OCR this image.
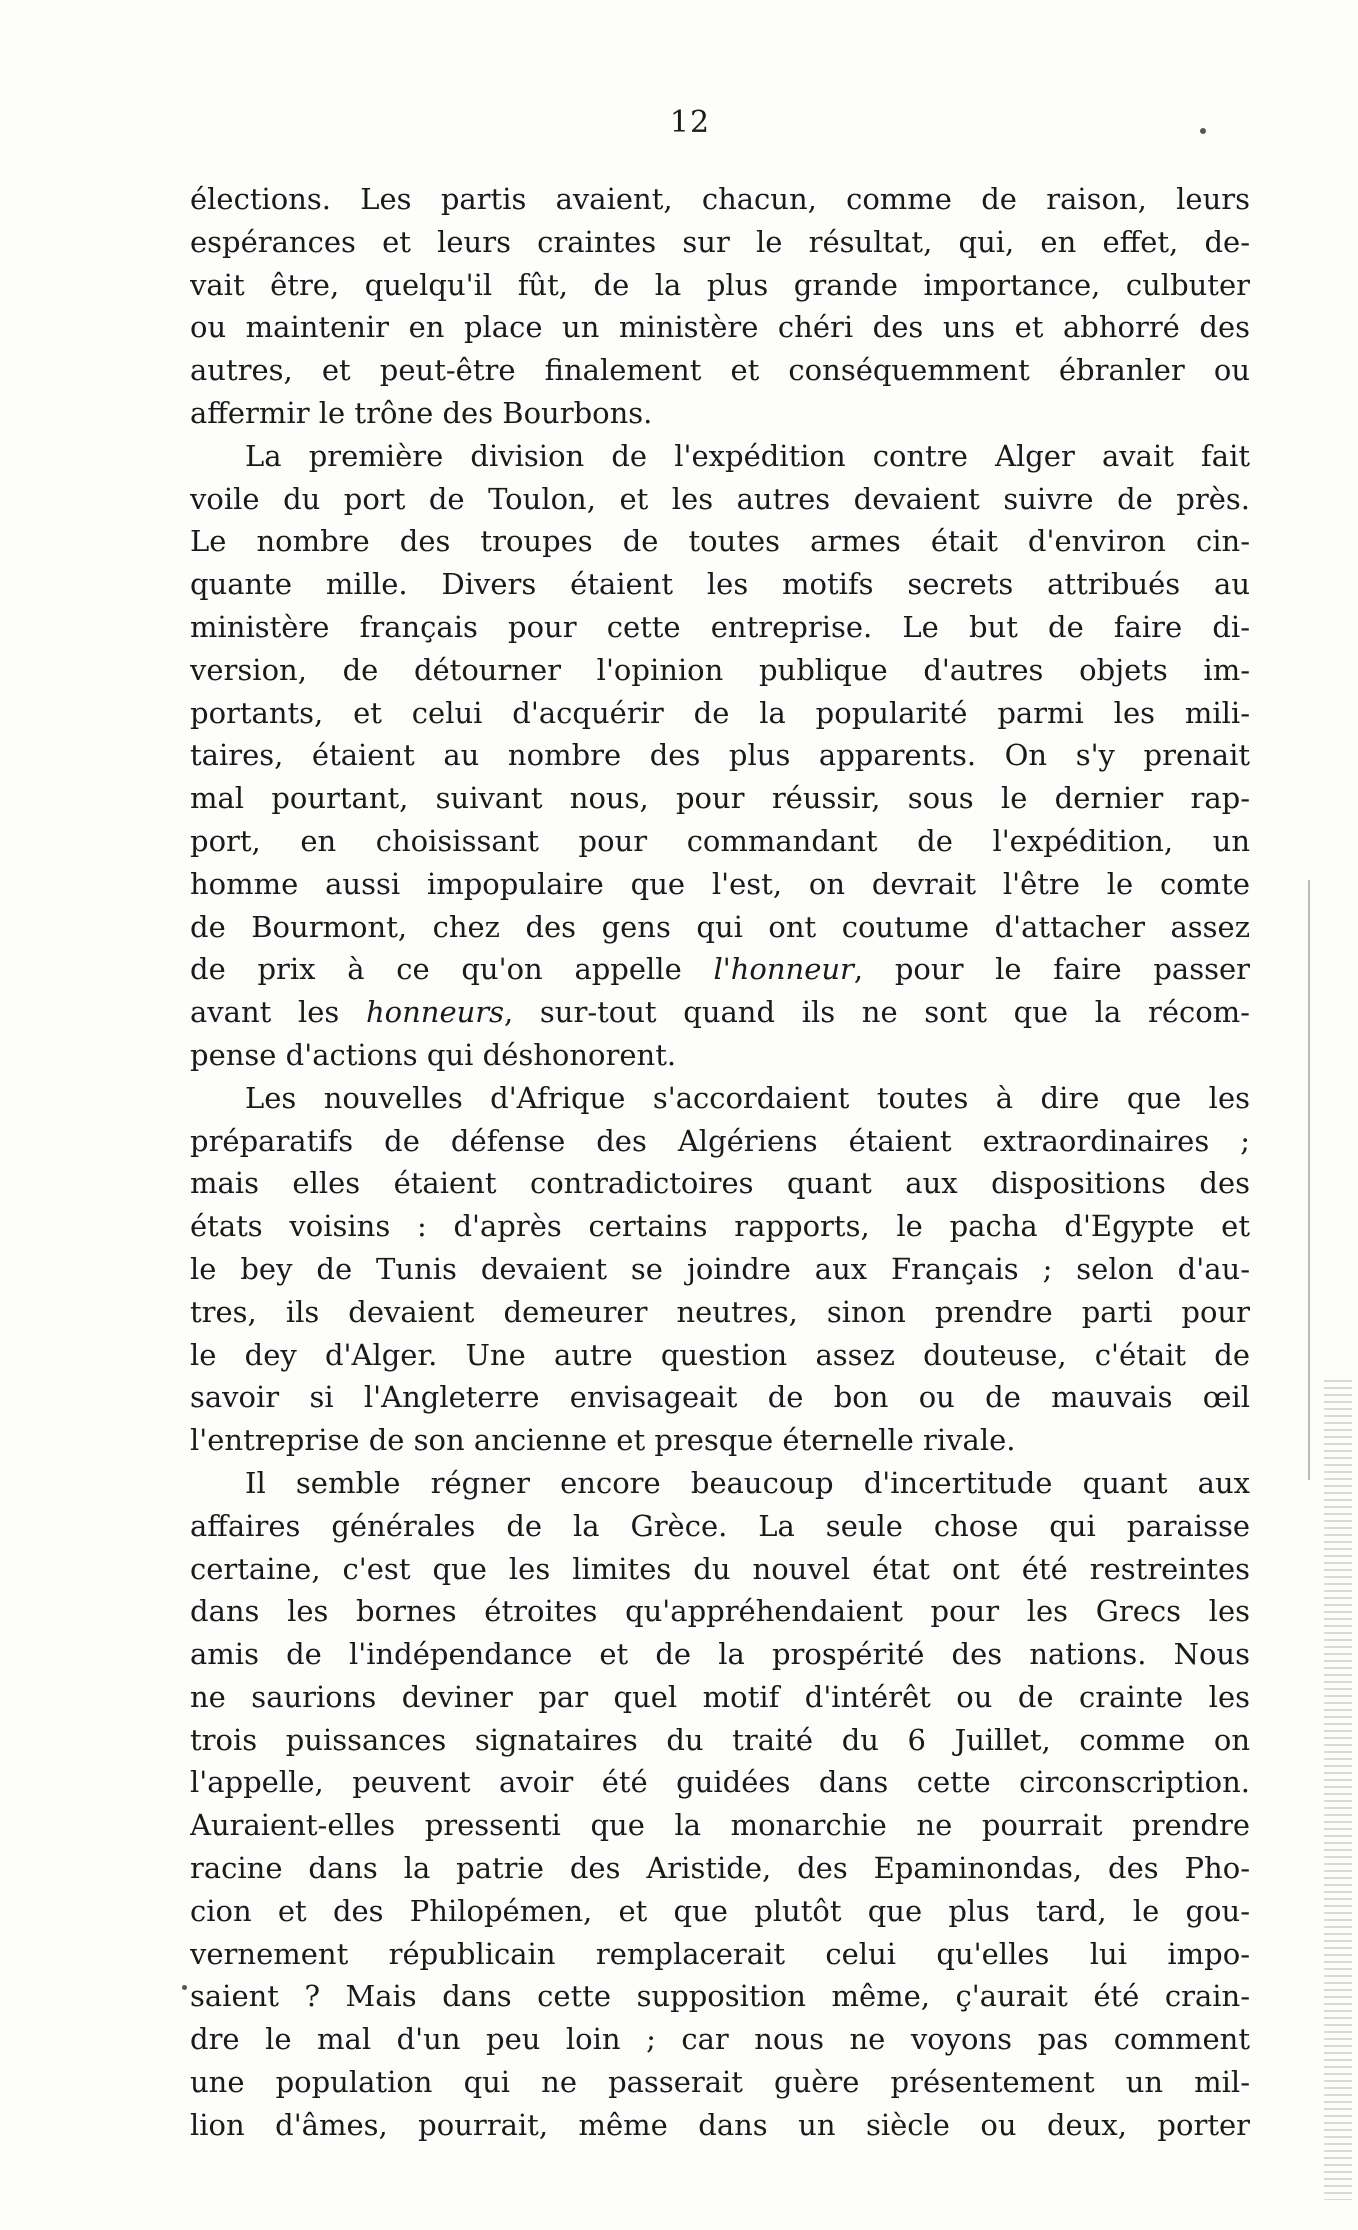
12
élections. Les partis avaient, chacun, comme de raison, leurs
espérances et leurs craintes sur le résultat, qui, en effet, de-
vait être, quelqu'il fût, de la plus grande importance, culbuter
ou maintenir en place un ministère chéri des uns et abhorré des
autres, et peut-être finalement et conséquemment ébranler ou
affermir le trône des Bourbons.
La première division de l'expédition contre Alger avait fait
voile du port de Toulon, et les autres devaient suivre de près.
Le nombre des troupes de toutes armes était d'environ cin-
quante mille. Divers étaient les motifs secrets attribués au
ministère français pour cette entreprise. Le but de faire di-
version, de détourner l'opinion publique d'autres objets im-
portants, et celui d'acquérir de la popularité parmi les mili-
taires, étaient au nombre des plus apparents. On s'y prenait
mal pourtant, suivant nous, pour réussir, sous le dernier rap-
port, en choisissant pour commandant de l'expédition, un
homme aussi impopulaire que l'est, on devrait l'être le comte
de Bourmont, chez des gens qui ont coutume d'attacher assez
de prix à ce qu'on appelle l'honneur, pour le faire passer
avant les honneurs, sur-tout quand ils ne sont que la récom-
pense d'actions qui déshonorent.
Les nouvelles d'Afrique s'accordaient toutes à dire que les
préparatifs de défense des Algériens étaient extraordinaires ;
mais elles étaient contradictoires quant aux dispositions des
états voisins : d'après certains rapports, le pacha d'Egypte et
le bey de Tunis devaient se joindre aux Français ; selon d'au-
tres, ils devaient demeurer neutres, sinon prendre parti pour
le dey d'Alger. Une autre question assez douteuse, c'était de
savoir si l'Angleterre envisageait de bon ou de mauvais œil
l'entreprise de son ancienne et presque éternelle rivale.
Il semble régner encore beaucoup d'incertitude quant aux
affaires générales de la Grèce. La seule chose qui paraisse
certaine, c'est que les limites du nouvel état ont été restreintes
dans les bornes étroites qu'appréhendaient pour les Grecs les
amis de l'indépendance et de la prospérité des nations. Nous
ne saurions deviner par quel motif d'intérêt ou de crainte les
trois puissances signataires du traité du 6 Juillet, comme on
l'appelle, peuvent avoir été guidées dans cette circonscription.
Auraient-elles pressenti que la monarchie ne pourrait prendre
racine dans la patrie des Aristide, des Epaminondas, des Pho-
cion et des Philopémen, et que plutôt que plus tard, le gou-
vernement républicain remplacerait celui qu'elles lui impo-
saient ? Mais dans cette supposition même, ç'aurait été crain-
dre le mal d'un peu loin ; car nous ne voyons pas comment
une population qui ne passerait guère présentement un mil-
lion d'âmes, pourrait, même dans un siècle ou deux, porter
